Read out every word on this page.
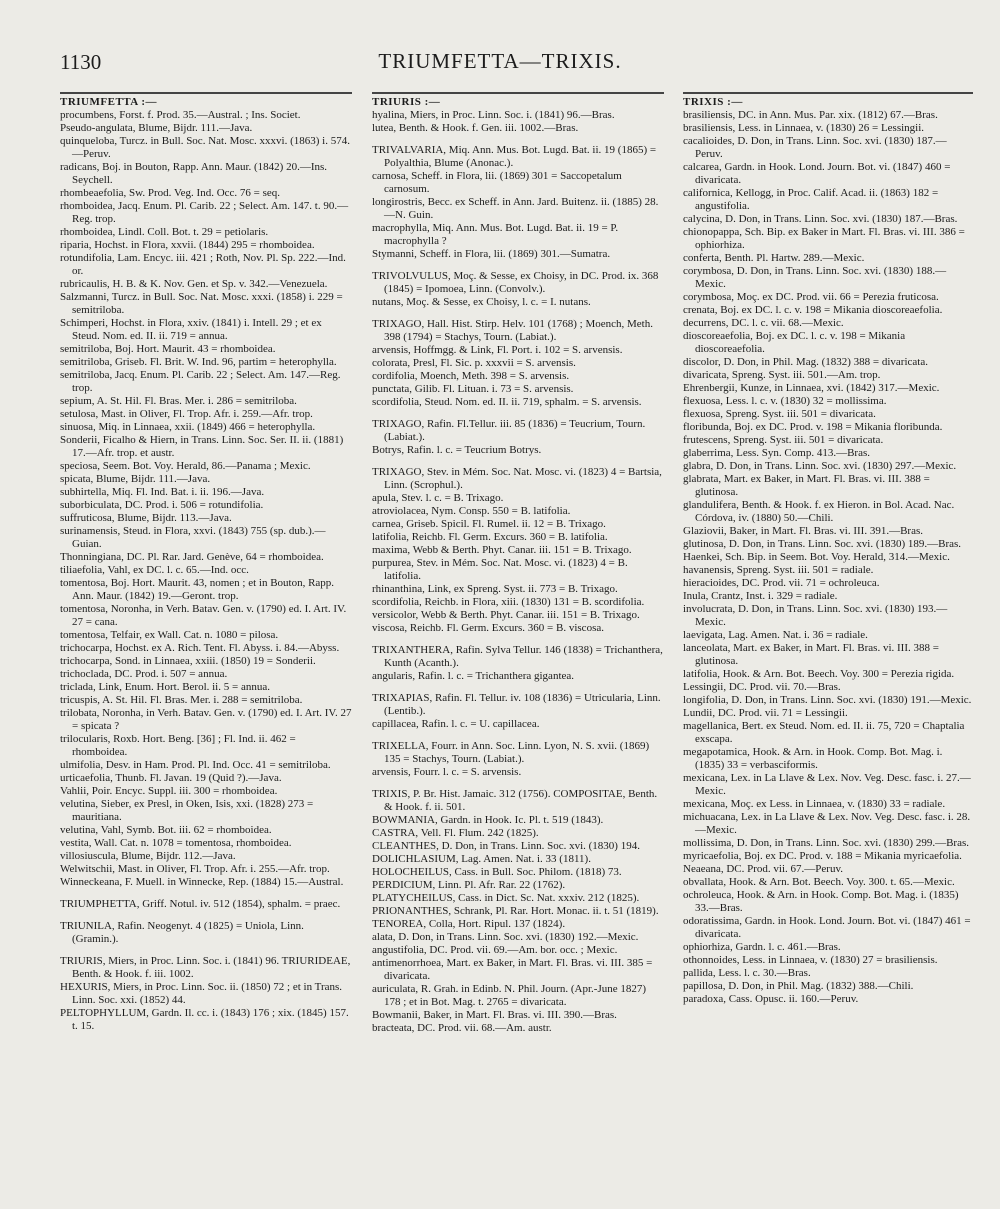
1130	TRIUMFETTA—TRIXIS.
TRIUMFETTA :—
procumbens, Forst. f. Prod. 35.—Austral. ; Ins. Societ.
Pseudo-angulata, Blume, Bijdr. 111.—Java.
quinqueloba, Turcz. in Bull. Soc. Nat. Mosc. xxxvi. (1863) i. 574.—Peruv.
radicans, Boj. in Bouton, Rapp. Ann. Maur. (1842) 20.—Ins. Seychell.
rhombeaefolia, Sw. Prod. Veg. Ind. Occ. 76 = seq.
rhomboidea, Jacq. Enum. Pl. Carib. 22 ; Select. Am. 147. t. 90.—Reg. trop.
rhomboidea, Lindl. Coll. Bot. t. 29 = petiolaris.
riparia, Hochst. in Flora, xxvii. (1844) 295 = rhomboidea.
rotundifolia, Lam. Encyc. iii. 421 ; Roth, Nov. Pl. Sp. 222.—Ind. or.
rubricaulis, H. B. & K. Nov. Gen. et Sp. v. 342.—Venezuela.
Salzmanni, Turcz. in Bull. Soc. Nat. Mosc. xxxi. (1858) i. 229 = semitriloba.
Schimperi, Hochst. in Flora, xxiv. (1841) i. Intell. 29 ; et ex Steud. Nom. ed. II. ii. 719 = annua.
semitriloba, Boj. Hort. Maurit. 43 = rhomboidea.
semitriloba, Griseb. Fl. Brit. W. Ind. 96, partim = heterophylla.
semitriloba, Jacq. Enum. Pl. Carib. 22 ; Select. Am. 147.—Reg. trop.
sepium, A. St. Hil. Fl. Bras. Mer. i. 286 = semitriloba.
setulosa, Mast. in Oliver, Fl. Trop. Afr. i. 259.—Afr. trop.
sinuosa, Miq. in Linnaea, xxii. (1849) 466 = heterophylla.
Sonderii, Ficalho & Hiern, in Trans. Linn. Soc. Ser. II. ii. (1881) 17.—Afr. trop. et austr.
speciosa, Seem. Bot. Voy. Herald, 86.—Panama ; Mexic.
spicata, Blume, Bijdr. 111.—Java.
subhirtella, Miq. Fl. Ind. Bat. i. ii. 196.—Java.
suborbiculata, DC. Prod. i. 506 = rotundifolia.
suffruticosa, Blume, Bijdr. 113.—Java.
surinamensis, Steud. in Flora, xxvi. (1843) 755 (sp. dub.).—Guian.
Thonningiana, DC. Pl. Rar. Jard. Genève, 64 = rhomboidea.
tiliaefolia, Vahl, ex DC. l. c. 65.—Ind. occ.
tomentosa, Boj. Hort. Maurit. 43, nomen ; et in Bouton, Rapp. Ann. Maur. (1842) 19.—Geront. trop.
tomentosa, Noronha, in Verh. Batav. Gen. v. (1790) ed. I. Art. IV. 27 = cana.
tomentosa, Telfair, ex Wall. Cat. n. 1080 = pilosa.
trichocarpa, Hochst. ex A. Rich. Tent. Fl. Abyss. i. 84.—Abyss.
trichocarpa, Sond. in Linnaea, xxiii. (1850) 19 = Sonderii.
trichoclada, DC. Prod. i. 507 = annua.
triclada, Link, Enum. Hort. Berol. ii. 5 = annua.
tricuspis, A. St. Hil. Fl. Bras. Mer. i. 288 = semitriloba.
trilobata, Noronha, in Verh. Batav. Gen. v. (1790) ed. I. Art. IV. 27 = spicata ?
trilocularis, Roxb. Hort. Beng. [36] ; Fl. Ind. ii. 462 = rhomboidea.
ulmifolia, Desv. in Ham. Prod. Pl. Ind. Occ. 41 = semitriloba.
urticaefolia, Thunb. Fl. Javan. 19 (Quid ?).—Java.
Vahlii, Poir. Encyc. Suppl. iii. 300 = rhomboidea.
velutina, Sieber, ex Presl, in Oken, Isis, xxi. (1828) 273 = mauritiana.
velutina, Vahl, Symb. Bot. iii. 62 = rhomboidea.
vestita, Wall. Cat. n. 1078 = tomentosa, rhomboidea.
villosiuscula, Blume, Bijdr. 112.—Java.
Welwitschii, Mast. in Oliver, Fl. Trop. Afr. i. 255.—Afr. trop.
Winneckeana, F. Muell. in Winnecke, Rep. (1884) 15.—Austral.
TRIUMPHETTA, Griff. Notul. iv. 512 (1854), sphalm. = praec.
TRIUNILA, Rafin. Neogenyt. 4 (1825) = Uniola, Linn. (Gramin.).
TRIURIS, Miers, in Proc. Linn. Soc. i. (1841) 96. TRIURIDEAE, Benth. & Hook. f. iii. 1002.
HEXURIS, Miers, in Proc. Linn. Soc. ii. (1850) 72 ; et in Trans. Linn. Soc. xxi. (1852) 44.
PELTOPHYLLUM, Gardn. Il. cc. i. (1843) 176 ; xix. (1845) 157. t. 15.
TRIURIS :—
hyalina, Miers, in Proc. Linn. Soc. i. (1841) 96.—Bras.
lutea, Benth. & Hook. f. Gen. iii. 1002.—Bras.
TRIVALVARIA, Miq. Ann. Mus. Bot. Lugd. Bat. ii. 19 (1865) = Polyalthia, Blume (Anonac.).
carnosa, Scheff. in Flora, lii. (1869) 301 = Saccopetalum carnosum.
longirostris, Becc. ex Scheff. in Ann. Jard. Buitenz. ii. (1885) 28.—N. Guin.
macrophylla, Miq. Ann. Mus. Bot. Lugd. Bat. ii. 19 = P. macrophylla ?
Stymanni, Scheff. in Flora, lii. (1869) 301.—Sumatra.
TRIVOLVULUS, Moç. & Sesse, ex Choisy, in DC. Prod. ix. 368 (1845) = Ipomoea, Linn. (Convolv.).
nutans, Moç. & Sesse, ex Choisy, l. c. = I. nutans.
TRIXAGO, Hall. Hist. Stirp. Helv. 101 (1768) ; Moench, Meth. 398 (1794) = Stachys, Tourn. (Labiat.).
arvensis, Hoffmgg. & Link, Fl. Port. i. 102 = S. arvensis.
colorata, Presl, Fl. Sic. p. xxxvii = S. arvensis.
cordifolia, Moench, Meth. 398 = S. arvensis.
punctata, Gilib. Fl. Lituan. i. 73 = S. arvensis.
scordifolia, Steud. Nom. ed. II. ii. 719, sphalm. = S. arvensis.
TRIXAGO, Rafin. Fl.Tellur. iii. 85 (1836) = Teucrium, Tourn. (Labiat.).
Botrys, Rafin. l. c. = Teucrium Botrys.
TRIXAGO, Stev. in Mém. Soc. Nat. Mosc. vi. (1823) 4 = Bartsia, Linn. (Scrophul.).
apula, Stev. l. c. = B. Trixago.
atroviolacea, Nym. Consp. 550 = B. latifolia.
carnea, Griseb. Spicil. Fl. Rumel. ii. 12 = B. Trixago.
latifolia, Reichb. Fl. Germ. Excurs. 360 = B. latifolia.
maxima, Webb & Berth. Phyt. Canar. iii. 151 = B. Trixago.
purpurea, Stev. in Mém. Soc. Nat. Mosc. vi. (1823) 4 = B. latifolia.
rhinanthina, Link, ex Spreng. Syst. ii. 773 = B. Trixago.
scordifolia, Reichb. in Flora, xiii. (1830) 131 = B. scordifolia.
versicolor, Webb & Berth. Phyt. Canar. iii. 151 = B. Trixago.
viscosa, Reichb. Fl. Germ. Excurs. 360 = B. viscosa.
TRIXANTHERA, Rafin. Sylva Tellur. 146 (1838) = Trichanthera, Kunth (Acanth.).
angularis, Rafin. l. c. = Trichanthera gigantea.
TRIXAPIAS, Rafin. Fl. Tellur. iv. 108 (1836) = Utricularia, Linn. (Lentib.).
capillacea, Rafin. l. c. = U. capillacea.
TRIXELLA, Fourr. in Ann. Soc. Linn. Lyon, N. S. xvii. (1869) 135 = Stachys, Tourn. (Labiat.).
arvensis, Fourr. l. c. = S. arvensis.
TRIXIS, P. Br. Hist. Jamaic. 312 (1756). COMPOSITAE, Benth. & Hook. f. ii. 501.
BOWMANIA, Gardn. in Hook. Ic. Pl. t. 519 (1843).
CASTRA, Vell. Fl. Flum. 242 (1825).
CLEANTHES, D. Don, in Trans. Linn. Soc. xvi. (1830) 194.
DOLICHLASIUM, Lag. Amen. Nat. i. 33 (1811).
HOLOCHEILUS, Cass. in Bull. Soc. Philom. (1818) 73.
PERDICIUM, Linn. Pl. Afr. Rar. 22 (1762).
PLATYCHEILUS, Cass. in Dict. Sc. Nat. xxxiv. 212 (1825).
PRIONANTHES, Schrank, Pl. Rar. Hort. Monac. ii. t. 51 (1819).
TENOREA, Colla, Hort. Ripul. 137 (1824).
alata, D. Don, in Trans. Linn. Soc. xvi. (1830) 192.—Mexic.
angustifolia, DC. Prod. vii. 69.—Am. bor. occ. ; Mexic.
antimenorrhoea, Mart. ex Baker, in Mart. Fl. Bras. vi. III. 385 = divaricata.
auriculata, R. Grah. in Edinb. N. Phil. Journ. (Apr.-June 1827) 178 ; et in Bot. Mag. t. 2765 = divaricata.
Bowmanii, Baker, in Mart. Fl. Bras. vi. III. 390.—Bras.
bracteata, DC. Prod. vii. 68.—Am. austr.
TRIXIS :—
brasiliensis, DC. in Ann. Mus. Par. xix. (1812) 67.—Bras.
brasiliensis, Less. in Linnaea, v. (1830) 26 = Lessingii.
cacalioides, D. Don, in Trans. Linn. Soc. xvi. (1830) 187.—Peruv.
calcarea, Gardn. in Hook. Lond. Journ. Bot. vi. (1847) 460 = divaricata.
californica, Kellogg, in Proc. Calif. Acad. ii. (1863) 182 = angustifolia.
calycina, D. Don, in Trans. Linn. Soc. xvi. (1830) 187.—Bras.
chionopappa, Sch. Bip. ex Baker in Mart. Fl. Bras. vi. III. 386 = ophiorhiza.
conferta, Benth. Pl. Hartw. 289.—Mexic.
corymbosa, D. Don, in Trans. Linn. Soc. xvi. (1830) 188.—Mexic.
corymbosa, Moç. ex DC. Prod. vii. 66 = Perezia fruticosa.
crenata, Boj. ex DC. l. c. v. 198 = Mikania dioscoreaefolia.
decurrens, DC. l. c. vii. 68.—Mexic.
dioscoreaefolia, Boj. ex DC. l. c. v. 198 = Mikania dioscoreaefolia.
discolor, D. Don, in Phil. Mag. (1832) 388 = divaricata.
divaricata, Spreng. Syst. iii. 501.—Am. trop.
Ehrenbergii, Kunze, in Linnaea, xvi. (1842) 317.—Mexic.
flexuosa, Less. l. c. v. (1830) 32 = mollissima.
flexuosa, Spreng. Syst. iii. 501 = divaricata.
floribunda, Boj. ex DC. Prod. v. 198 = Mikania floribunda.
frutescens, Spreng. Syst. iii. 501 = divaricata.
glaberrima, Less. Syn. Comp. 413.—Bras.
glabra, D. Don, in Trans. Linn. Soc. xvi. (1830) 297.—Mexic.
glabrata, Mart. ex Baker, in Mart. Fl. Bras. vi. III. 388 = glutinosa.
glandulifera, Benth. & Hook. f. ex Hieron. in Bol. Acad. Nac. Córdova, iv. (1880) 50.—Chili.
Glaziovii, Baker, in Mart. Fl. Bras. vi. III. 391.—Bras.
glutinosa, D. Don, in Trans. Linn. Soc. xvi. (1830) 189.—Bras.
Haenkei, Sch. Bip. in Seem. Bot. Voy. Herald, 314.—Mexic.
havanensis, Spreng. Syst. iii. 501 = radiale.
hieracioides, DC. Prod. vii. 71 = ochroleuca.
Inula, Crantz, Inst. i. 329 = radiale.
involucrata, D. Don, in Trans. Linn. Soc. xvi. (1830) 193.—Mexic.
laevigata, Lag. Amen. Nat. i. 36 = radiale.
lanceolata, Mart. ex Baker, in Mart. Fl. Bras. vi. III. 388 = glutinosa.
latifolia, Hook. & Arn. Bot. Beech. Voy. 300 = Perezia rigida.
Lessingii, DC. Prod. vii. 70.—Bras.
longifolia, D. Don, in Trans. Linn. Soc. xvi. (1830) 191.—Mexic.
Lundii, DC. Prod. vii. 71 = Lessingii.
magellanica, Bert. ex Steud. Nom. ed. II. ii. 75, 720 = Chaptalia exscapa.
megapotamica, Hook. & Arn. in Hook. Comp. Bot. Mag. i. (1835) 33 = verbasciformis.
mexicana, Lex. in La Llave & Lex. Nov. Veg. Desc. fasc. i. 27.—Mexic.
mexicana, Moç. ex Less. in Linnaea, v. (1830) 33 = radiale.
michuacana, Lex. in La Llave & Lex. Nov. Veg. Desc. fasc. i. 28.—Mexic.
mollissima, D. Don, in Trans. Linn. Soc. xvi. (1830) 299.—Bras.
myricaefolia, Boj. ex DC. Prod. v. 188 = Mikania myricaefolia.
Neaeana, DC. Prod. vii. 67.—Peruv.
obvallata, Hook. & Arn. Bot. Beech. Voy. 300. t. 65.—Mexic.
ochroleuca, Hook. & Arn. in Hook. Comp. Bot. Mag. i. (1835) 33.—Bras.
odoratissima, Gardn. in Hook. Lond. Journ. Bot. vi. (1847) 461 = divaricata.
ophiorhiza, Gardn. l. c. 461.—Bras.
othonnoides, Less. in Linnaea, v. (1830) 27 = brasiliensis.
pallida, Less. l. c. 30.—Bras.
papillosa, D. Don, in Phil. Mag. (1832) 388.—Chili.
paradoxa, Cass. Opusc. ii. 160.—Peruv.
